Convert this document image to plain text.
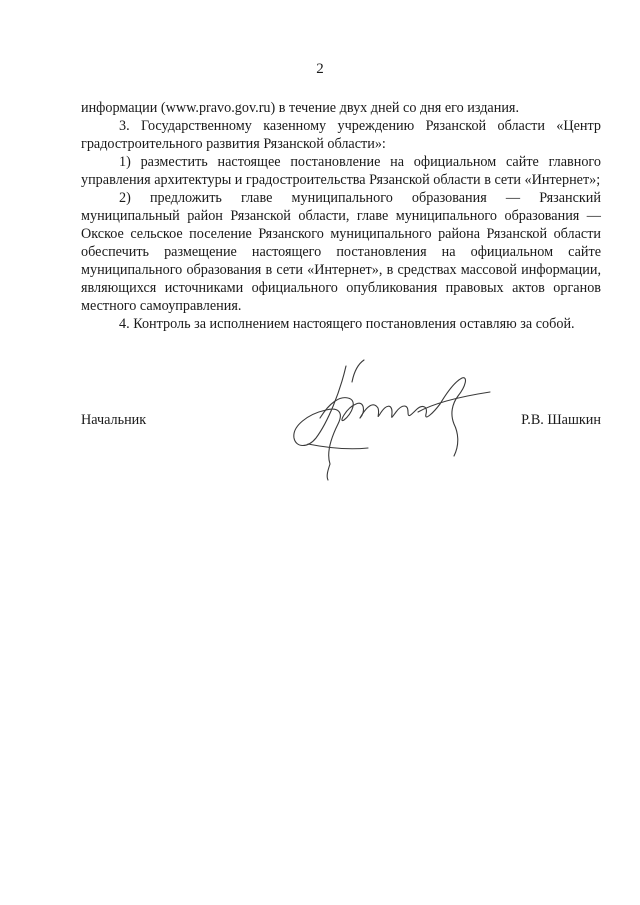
2

информации (www.pravo.gov.ru) в течение двух дней со дня его издания.

3. Государственному казенному учреждению Рязанской области «Центр градостроительного развития Рязанской области»:

1) разместить настоящее постановление на официальном сайте главного управления архитектуры и градостроительства Рязанской области в сети «Интернет»;

2) предложить главе муниципального образования — Рязанский муниципальный район Рязанской области, главе муниципального образования — Окское сельское поселение Рязанского муниципального района Рязанской области обеспечить размещение настоящего постановления на официальном сайте муниципального образования в сети «Интернет», в средствах массовой информации, являющихся источниками официального опубликования правовых актов органов местного самоуправления.

4. Контроль за исполнением настоящего постановления оставляю за собой.

Начальник	Р.В. Шашкин
